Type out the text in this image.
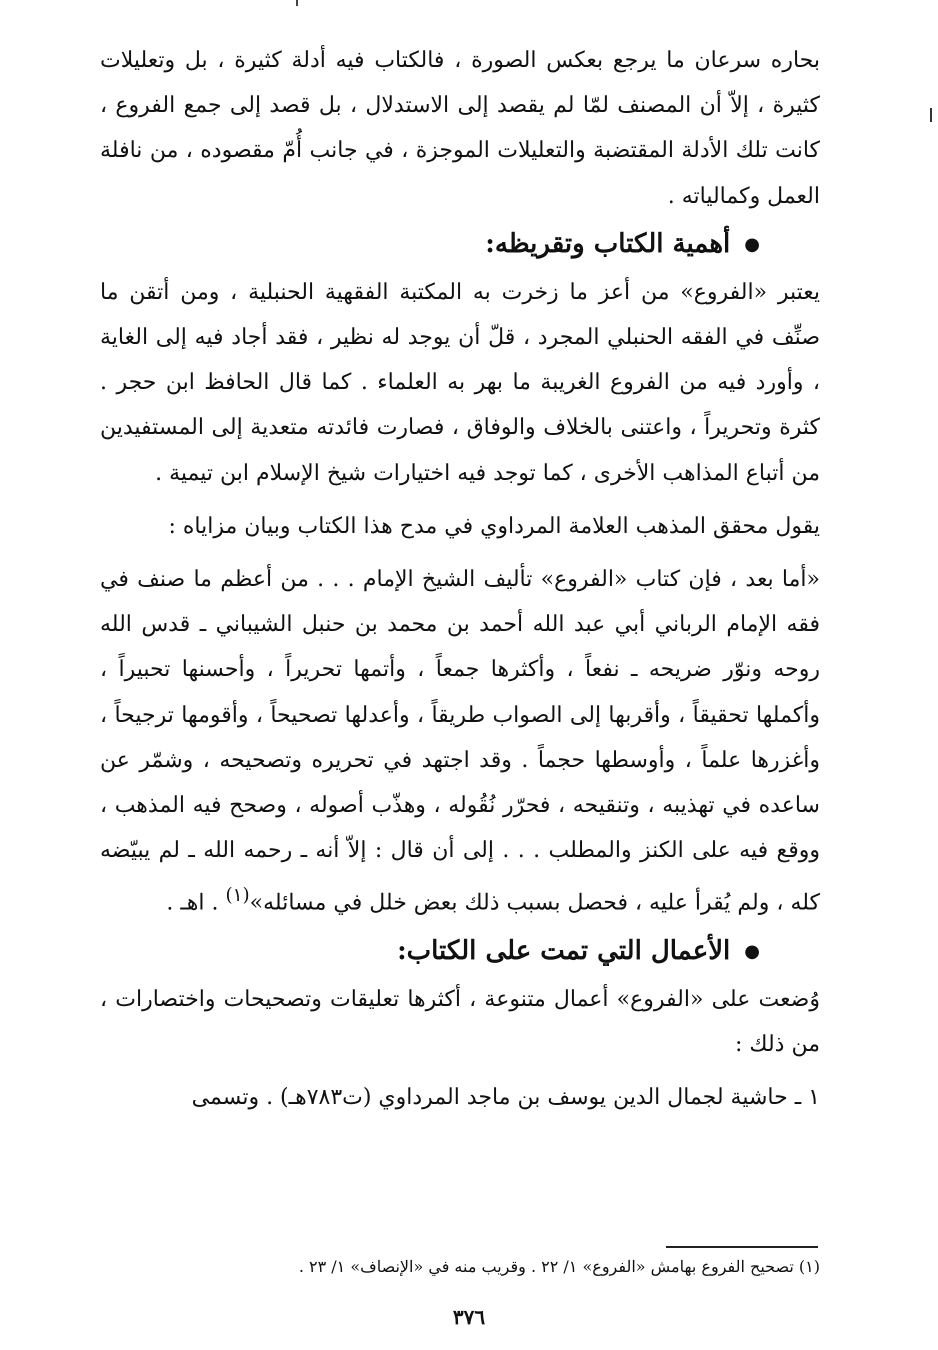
بحاره سرعان ما يرجع بعكس الصورة ، فالكتاب فيه أدلة كثيرة ، بل وتعليلات كثيرة ، إلاّ أن المصنف لمّا لم يقصد إلى الاستدلال ، بل قصد إلى جمع الفروع ، كانت تلك الأدلة المقتضبة والتعليلات الموجزة ، في جانب أُمّ مقصوده ، من نافلة العمل وكمالياته .

●أهمية الكتاب وتقريظه:

يعتبر «الفروع» من أعز ما زخرت به المكتبة الفقهية الحنبلية ، ومن أتقن ما صنِّف في الفقه الحنبلي المجرد ، قلّ أن يوجد له نظير ، فقد أجاد فيه إلى الغاية ، وأورد فيه من الفروع الغريبة ما بهر به العلماء . كما قال الحافظ ابن حجر . كثرة وتحريراً ، واعتنى بالخلاف والوفاق ، فصارت فائدته متعدية إلى المستفيدين من أتباع المذاهب الأخرى ، كما توجد فيه اختيارات شيخ الإسلام ابن تيمية .

يقول محقق المذهب العلامة المرداوي في مدح هذا الكتاب وبيان مزاياه :

«أما بعد ، فإن كتاب «الفروع» تأليف الشيخ الإمام . . . من أعظم ما صنف في فقه الإمام الرباني أبي عبد الله أحمد بن محمد بن حنبل الشيباني ـ قدس الله روحه ونوّر ضريحه ـ نفعاً ، وأكثرها جمعاً ، وأتمها تحريراً ، وأحسنها تحبيراً ، وأكملها تحقيقاً ، وأقربها إلى الصواب طريقاً ، وأعدلها تصحيحاً ، وأقومها ترجيحاً ، وأغزرها علماً ، وأوسطها حجماً . وقد اجتهد في تحريره وتصحيحه ، وشمّر عن ساعده في تهذيبه ، وتنقيحه ، فحرّر نُقُوله ، وهذّب أصوله ، وصحح فيه المذهب ، ووقع فيه على الكنز والمطلب . . . إلى أن قال : إلاّ أنه ـ رحمه الله ـ لم يبيّضه كله ، ولم يُقرأ عليه ، فحصل بسبب ذلك بعض خلل في مسائله»$^{(١)}$ . اهـ .

●الأعمال التي تمت على الكتاب:

وُضعت على «الفروع» أعمال متنوعة ، أكثرها تعليقات وتصحيحات واختصارات ، من ذلك :

١ ـ حاشية لجمال الدين يوسف بن ماجد المرداوي (ت٧٨٣هـ) . وتسمى

(١) تصحيح الفروع بهامش «الفروع» ١/ ٢٢ . وقريب منه في «الإنصاف» ١/ ٢٣ .
٣٧٦
